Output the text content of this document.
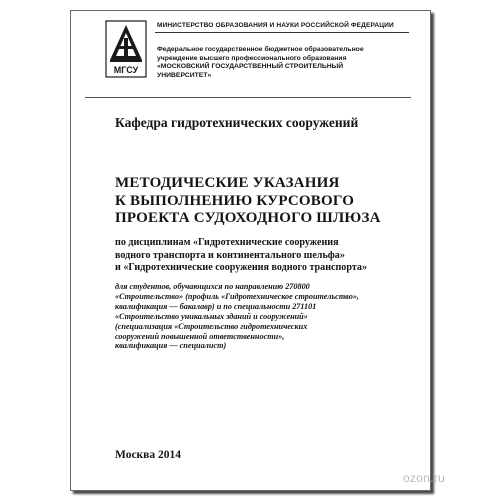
МГСУ
МИНИСТЕРСТВО ОБРАЗОВАНИЯ И НАУКИ РОССИЙСКОЙ ФЕДЕРАЦИИ
Федеральное государственное бюджетное образовательное
учреждение высшего профессионального образования
«МОСКОВСКИЙ ГОСУДАРСТВЕННЫЙ СТРОИТЕЛЬНЫЙ
УНИВЕРСИТЕТ»
Кафедра гидротехнических сооружений
МЕТОДИЧЕСКИЕ УКАЗАНИЯ
К ВЫПОЛНЕНИЮ КУРСОВОГО
ПРОЕКТА СУДОХОДНОГО ШЛЮЗА
по дисциплинам «Гидротехнические сооружения
водного транспорта и континентального шельфа»
и «Гидротехнические сооружения водного транспорта»
для студентов, обучающихся по направлению 270800
«Строительство» (профиль «Гидротехническое строительство»,
квалификация — бакалавр) и по специальности 271101
«Строительство уникальных зданий и сооружений»
(специализация «Строительство гидротехнических
сооружений повышенной ответственности»,
квалификация — специалист)
Москва 2014
ozon.ru
